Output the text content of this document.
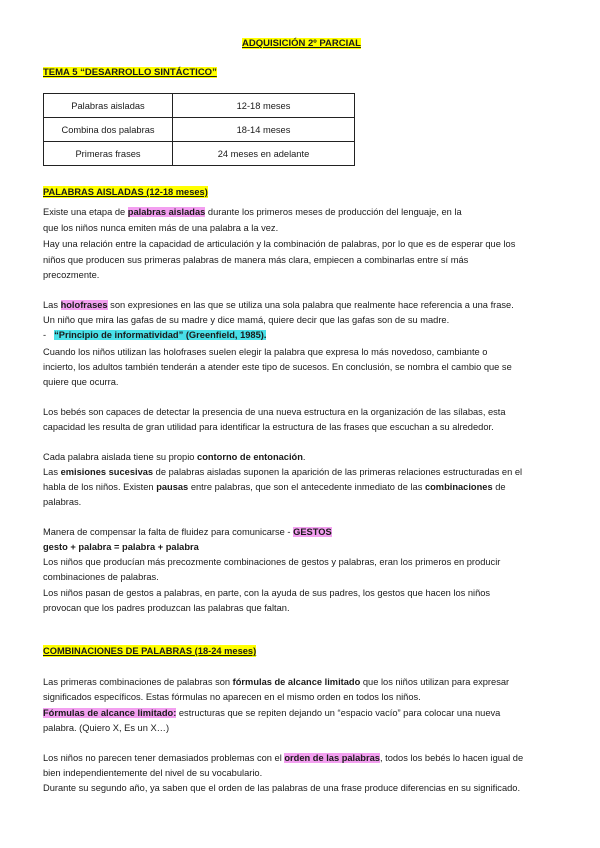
ADQUISICIÓN 2º PARCIAL
TEMA 5 “DESARROLLO SINTÁCTICO”
Palabras aisladas	12-18 meses
Combina dos palabras	18-14 meses
Primeras frases	24 meses en adelante
PALABRAS AISLADAS (12-18 meses)
Existe una etapa de palabras aisladas durante los primeros meses de producción del lenguaje, en la
que los niños nunca emiten más de una palabra a la vez.
Hay una relación entre la capacidad de articulación y la combinación de palabras, por lo que es de esperar que los
niños que producen sus primeras palabras de manera más clara, empiecen a combinarlas entre sí más
precozmente.
Las holofrases son expresiones en las que se utiliza una sola palabra que realmente hace referencia a una frase.
Un niño que mira las gafas de su madre y dice mamá, quiere decir que las gafas son de su madre.
- “Principio de informatividad” (Greenfield, 1985).
Cuando los niños utilizan las holofrases suelen elegir la palabra que expresa lo más novedoso, cambiante o
incierto, los adultos también tenderán a atender este tipo de sucesos. En conclusión, se nombra el cambio que se
quiere que ocurra.
Los bebés son capaces de detectar la presencia de una nueva estructura en la organización de las sílabas, esta
capacidad les resulta de gran utilidad para identificar la estructura de las frases que escuchan a su alrededor.
Cada palabra aislada tiene su propio contorno de entonación.
Las emisiones sucesivas de palabras aisladas suponen la aparición de las primeras relaciones estructuradas en el
habla de los niños. Existen pausas entre palabras, que son el antecedente inmediato de las combinaciones de
palabras.
Manera de compensar la falta de fluidez para comunicarse - GESTOS
gesto + palabra = palabra + palabra
Los niños que producían más precozmente combinaciones de gestos y palabras, eran los primeros en producir
combinaciones de palabras.
Los niños pasan de gestos a palabras, en parte, con la ayuda de sus padres, los gestos que hacen los niños
provocan que los padres produzcan las palabras que faltan.
COMBINACIONES DE PALABRAS (18-24 meses)
Las primeras combinaciones de palabras son fórmulas de alcance limitado que los niños utilizan para expresar
significados específicos. Estas fórmulas no aparecen en el mismo orden en todos los niños.
Fórmulas de alcance limitado: estructuras que se repiten dejando un “espacio vacío” para colocar una nueva
palabra. (Quiero X, Es un X…)
Los niños no parecen tener demasiados problemas con el orden de las palabras, todos los bebés lo hacen igual de
bien independientemente del nivel de su vocabulario.
Durante su segundo año, ya saben que el orden de las palabras de una frase produce diferencias en su significado.
